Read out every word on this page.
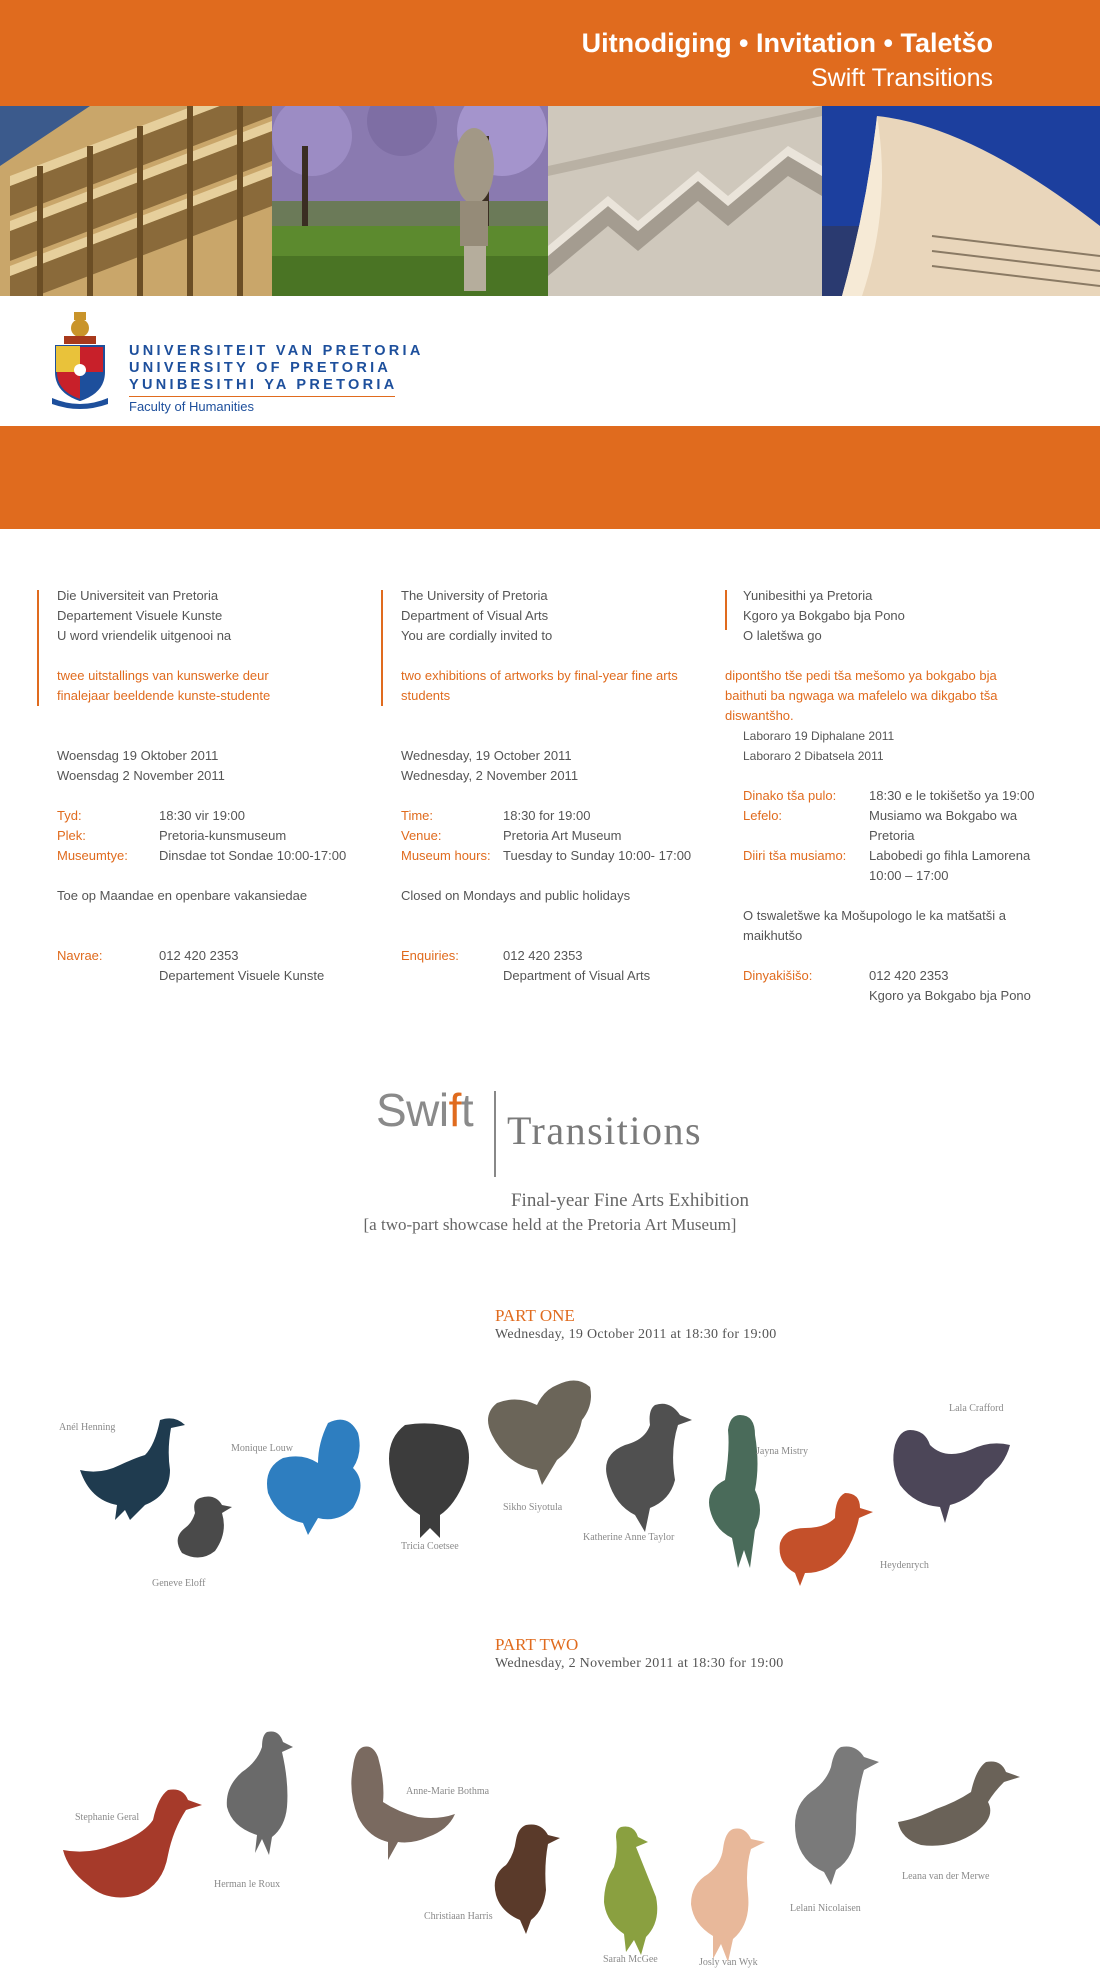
Uitnodiging • Invitation • Taletšo
Swift Transitions
UNIVERSITEIT VAN PRETORIA
UNIVERSITY OF PRETORIA
YUNIBESITHI YA PRETORIA
Faculty of Humanities

Die Universiteit van Pretoria

Departement Visuele Kunste

U word vriendelik uitgenooi na

twee uitstallings van kunswerke deur

finalejaar beeldende kunste-studente

Woensdag 19 Oktober 2011

Woensdag 2 November 2011

Tyd:	18:30 vir 19:00
Plek:	Pretoria-kunsmuseum
Museumtye:	Dinsdae tot Sondae 10:00-17:00

Toe op Maandae en openbare vakansiedae

Navrae:	012 420 2353
Departement Visuele Kunste

The University of Pretoria

Department of Visual Arts

You are cordially invited to

two exhibitions of artworks by final-year fine arts

students

Wednesday, 19 October 2011

Wednesday, 2 November 2011

Time:	18:30 for 19:00
Venue:	Pretoria Art Museum
Museum hours: Tuesday to Sunday 10:00- 17:00

Closed on Mondays and public holidays

Enquiries:	012 420 2353
Department of Visual Arts

Yunibesithi ya Pretoria

Kgoro ya Bokgabo bja Pono

O laletšwa go

dipontšho tše pedi tša mešomo ya bokgabo bja

baithuti ba ngwaga wa mafelelo wa dikgabo tša

diswantšho.

Laboraro 19 Diphalane 2011

Laboraro 2 Dibatsela 2011

Dinako tša pulo:	18:30 e le tokišetšo ya 19:00
Lefelo:	Musiamo wa Bokgabo wa Pretoria
Diiri tša musiamo:	Labobedi go fihla Lamorena 10:00 – 17:00

O tswaletšwe ka Mošupologo le ka matšatši a maikhutšo

Dinyakišišo:	012 420 2353
Kgoro ya Bokgabo bja Pono
Swift Transitions
Final-year Fine Arts Exhibition
[a two-part showcase held at the Pretoria Art Museum]
PART ONE
Wednesday, 19 October 2011 at 18:30 for 19:00
Anél Henning
Geneve Eloff
Monique Louw
Tricia Coetsee
Sikho Siyotula
Katherine Anne Taylor
Jayna Mistry
Heydenrych
Lala Crafford
PART TWO
Wednesday, 2 November 2011 at 18:30 for 19:00
Stephanie Geral
Herman le Roux
Anne-Marie Bothma
Christiaan Harris
Sarah McGee	Josly van Wyk
Lelani Nicolaisen
Leana van der Merwe
